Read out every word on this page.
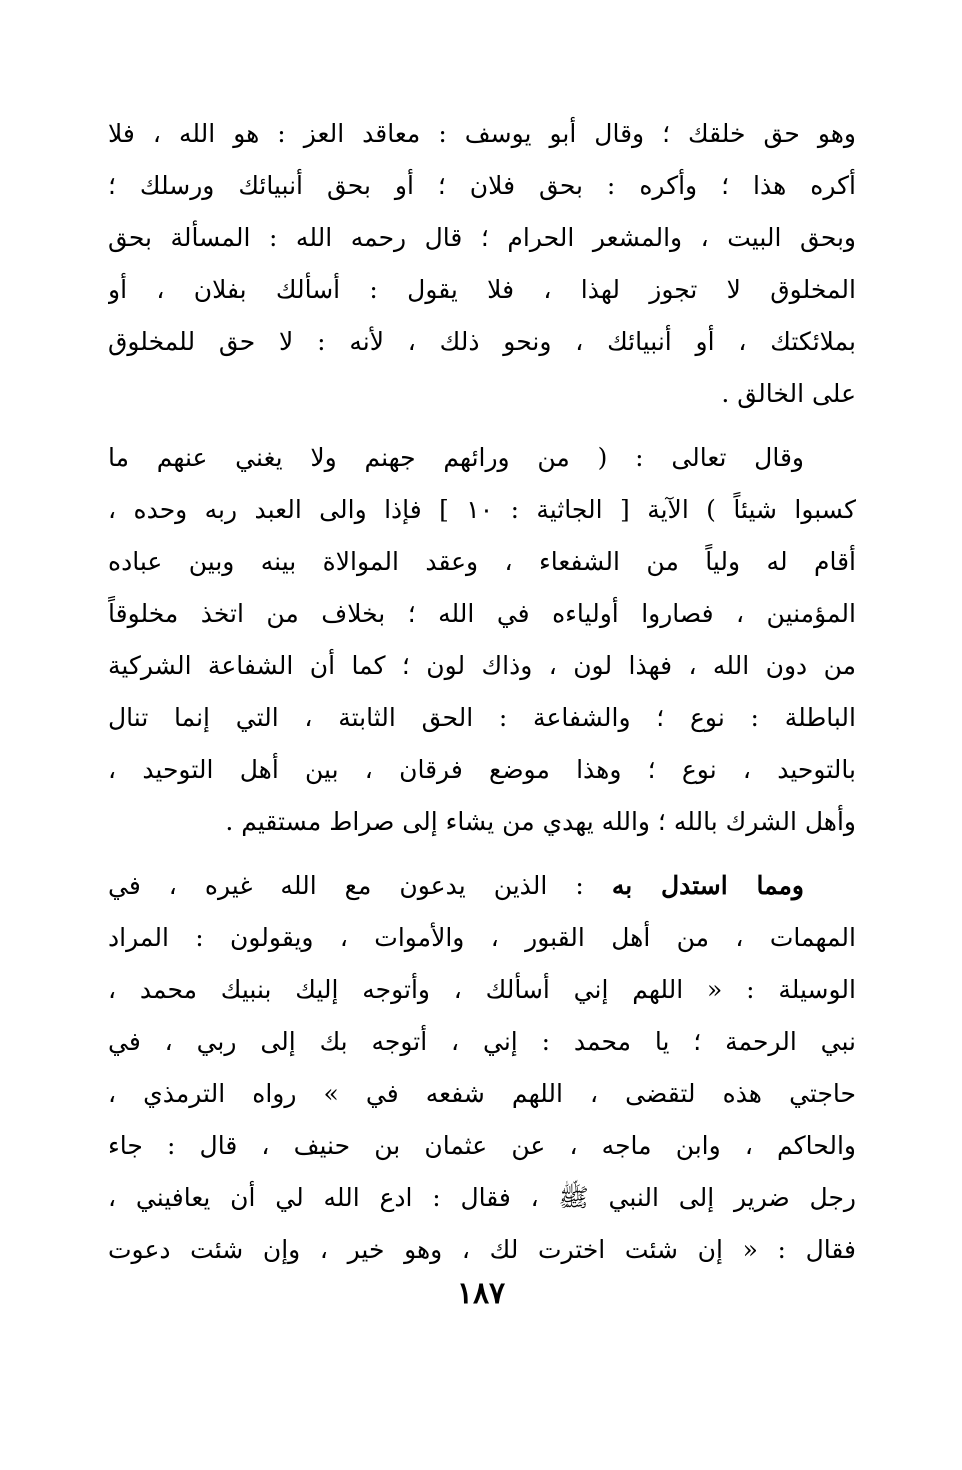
وهو حق خلقك ؛ وقال أبو يوسف : معاقد العز : هو الله ، فلا
أكره هذا ؛ وأكره : بحق فلان ؛ أو بحق أنبيائك ورسلك ؛
وبحق البيت ، والمشعر الحرام ؛ قال رحمه الله : المسألة بحق
المخلوق لا تجوز لهذا ، فلا يقول : أسألك بفلان ، أو
بملائكتك ، أو أنبيائك ، ونحو ذلك ، لأنه : لا حق للمخلوق
على الخالق .
وقال تعالى : ( من ورائهم جهنم ولا يغني عنهم ما
كسبوا شيئاً ) الآية [ الجاثية : ١٠ ] فإذا والى العبد ربه وحده ،
أقام له ولياً من الشفعاء ، وعقد الموالاة بينه وبين عباده
المؤمنين ، فصاروا أولياءه في الله ؛ بخلاف من اتخذ مخلوقاً
من دون الله ، فهذا لون ، وذاك لون ؛ كما أن الشفاعة الشركية
الباطلة : نوع ؛ والشفاعة : الحق الثابتة ، التي إنما تنال
بالتوحيد ، نوع ؛ وهذا موضع فرقان ، بين أهل التوحيد ،
وأهل الشرك بالله ؛ والله يهدي من يشاء إلى صراط مستقيم .
ومما استدل به : الذين يدعون مع الله غيره ، في
المهمات ، من أهل القبور ، والأموات ، ويقولون : المراد
الوسيلة : « اللهم إني أسألك ، وأتوجه إليك بنبيك محمد ،
نبي الرحمة ؛ يا محمد : إني ، أتوجه بك إلى ربي ، في
حاجتي هذه لتقضى ، اللهم شفعه في » رواه الترمذي ،
والحاكم ، وابن ماجه ، عن عثمان بن حنيف ، قال : جاء
رجل ضرير إلى النبي ﷺ ، فقال : ادع الله لي أن يعافيني ،
فقال : « إن شئت اخترت لك ، وهو خير ، وإن شئت دعوت
١٨٧
